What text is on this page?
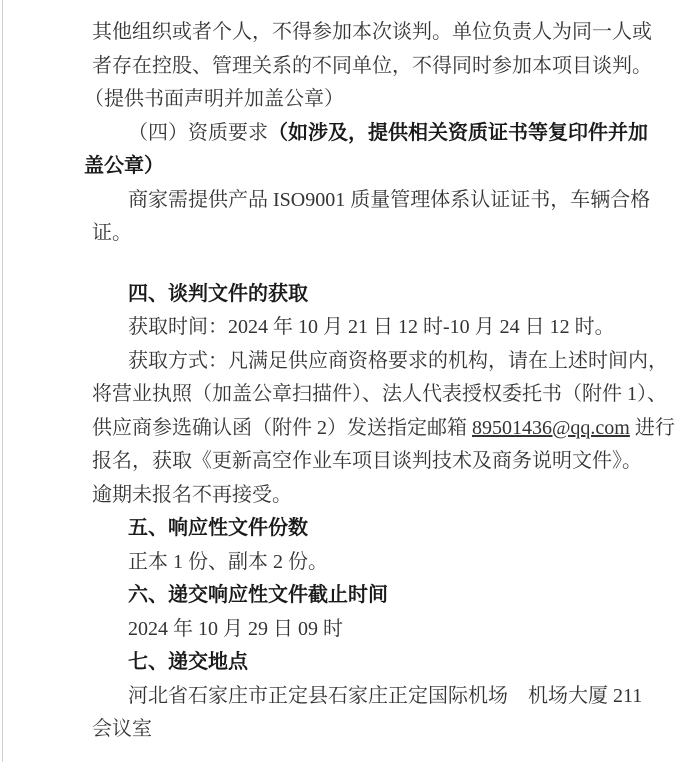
其他组织或者个人，不得参加本次谈判。单位负责人为同一人或
者存在控股、管理关系的不同单位，不得同时参加本项目谈判。
（提供书面声明并加盖公章）
（四）资质要求（如涉及，提供相关资质证书等复印件并加
盖公章）
商家需提供产品 ISO9001 质量管理体系认证证书，车辆合格
证。
四、谈判文件的获取
获取时间：2024 年 10 月 21 日 12 时-10 月 24 日 12 时。
获取方式：凡满足供应商资格要求的机构，请在上述时间内，
将营业执照（加盖公章扫描件）、法人代表授权委托书（附件 1）、
供应商参选确认函（附件 2）发送指定邮箱 89501436@qq.com 进行
报名，获取《更新高空作业车项目谈判技术及商务说明文件》。
逾期未报名不再接受。
五、响应性文件份数
正本 1 份、副本 2 份。
六、递交响应性文件截止时间
2024 年 10 月 29 日 09 时
七、递交地点
河北省石家庄市正定县石家庄正定国际机场　机场大厦 211
会议室
